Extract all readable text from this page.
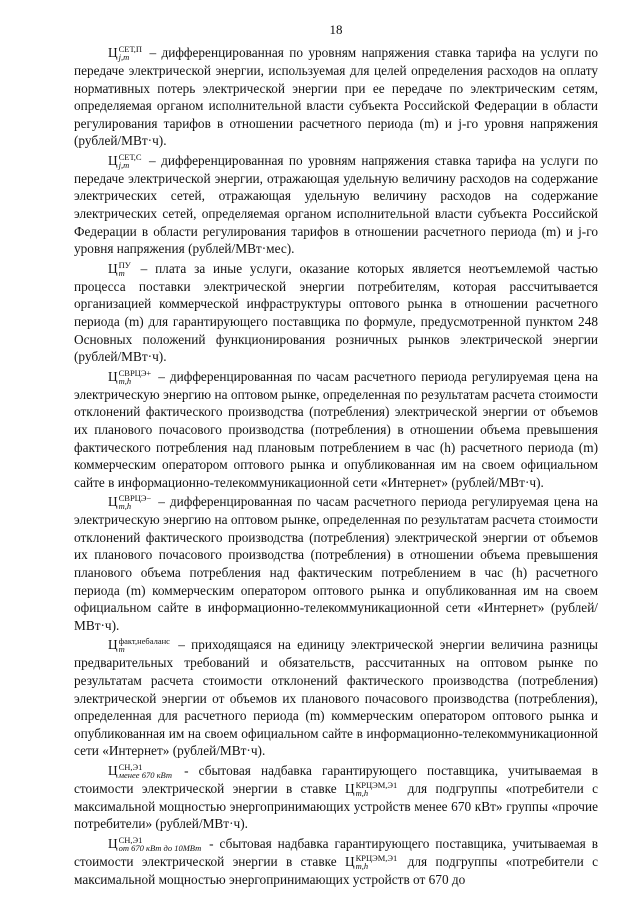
18

Ц СЕТ,П
j,m	– дифференцированная по уровням напряжения ставка тарифа на услуги по передаче электрической энергии, используемая для целей определения расходов на оплату нормативных потерь электрической энергии при ее передаче по электрическим сетям, определяемая органом исполнительной власти субъекта Российской Федерации в области регулирования тарифов в отношении расчетного периода (m) и j-го уровня напряжения (рублей/МВт·ч).

Ц СЕТ,С
j,m	– дифференцированная по уровням напряжения ставка тарифа на услуги по передаче электрической энергии, отражающая удельную величину расходов на содержание электрических сетей, отражающая удельную величину расходов на содержание электрических сетей, определяемая органом исполнительной власти субъекта Российской Федерации в области регулирования тарифов в отношении расчетного периода (m) и j-го уровня напряжения (рублей/МВт·мес).

Ц ПУ
m – плата за иные услуги, оказание которых является неотъемлемой частью процесса поставки электрической энергии потребителям, которая рассчитывается организацией коммерческой инфраструктуры оптового рынка в отношении расчетного периода (m) для гарантирующего поставщика по формуле, предусмотренной пунктом 248 Основных положений функционирования розничных рынков электрической энергии (рублей/МВт·ч).

Ц СВРЦЭ+
m,h	– дифференцированная по часам расчетного периода регулируемая цена на электрическую энергию на оптовом рынке, определенная по результатам расчета стоимости отклонений фактического производства (потребления) электрической энергии от объемов их планового почасового производства (потребления) в отношении объема превышения фактического потребления над плановым потреблением в час (h) расчетного периода (m) коммерческим оператором оптового рынка и опубликованная им на своем официальном сайте в информационно-телекоммуникационной сети «Интернет» (рублей/МВт·ч).

Ц СВРЦЭ−
m,h	– дифференцированная по часам расчетного периода регулируемая цена на электрическую энергию на оптовом рынке, определенная по результатам расчета стоимости отклонений фактического производства (потребления) электрической энергии от объемов их планового почасового производства (потребления) в отношении объема превышения планового объема потребления над фактическим потреблением в час (h) расчетного периода (m) коммерческим оператором оптового рынка и опубликованная им на своем официальном сайте в информационно-телекоммуникационной сети «Интернет» (рублей/МВт·ч).

Ц факт,небаланс
m	– приходящаяся на единицу электрической энергии величина разницы предварительных требований и обязательств, рассчитанных на оптовом рынке по результатам расчета стоимости отклонений фактического производства (потребления) электрической энергии от объемов их планового почасового производства (потребления), определенная для расчетного периода (m) коммерческим оператором оптового рынка и опубликованная им на своем официальном сайте в информационно-телекоммуникационной сети «Интернет» (рублей/МВт·ч).

Ц СН,Э1
менее 670 кВт - сбытовая надбавка гарантирующего поставщика, учитываемая в стоимости электрической энергии в ставке Ц КРЦЭМ,Э1
m,h	для подгруппы «потребители с максимальной мощностью энергопринимающих устройств менее 670 кВт» группы «прочие потребители» (рублей/МВт·ч).

Ц СН,Э1
от 670 кВт до 10МВт - сбытовая надбавка гарантирующего поставщика, учитываемая в стоимости электрической энергии в ставке Ц КРЦЭМ,Э1
m,h	для подгруппы «потребители с максимальной мощностью энергопринимающих устройств от 670 до
